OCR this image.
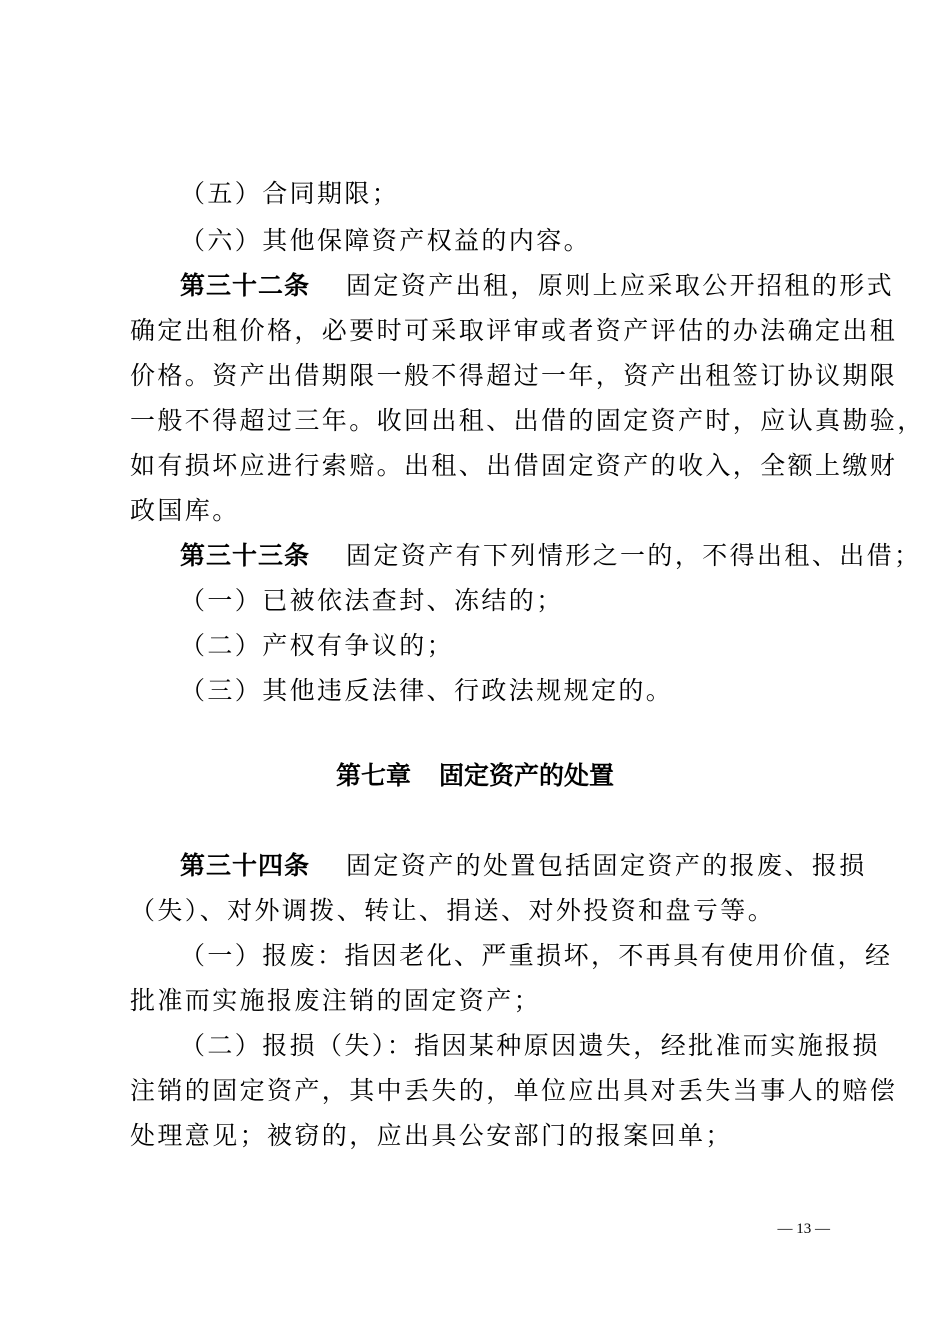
（五）合同期限；
（六）其他保障资产权益的内容。
第三十二条 固定资产出租，原则上应采取公开招租的形式
确定出租价格，必要时可采取评审或者资产评估的办法确定出租
价格。资产出借期限一般不得超过一年，资产出租签订协议期限
一般不得超过三年。收回出租、出借的固定资产时，应认真勘验，
如有损坏应进行索赔。出租、出借固定资产的收入，全额上缴财
政国库。
第三十三条 固定资产有下列情形之一的，不得出租、出借；
（一）已被依法查封、冻结的；
（二）产权有争议的；
（三）其他违反法律、行政法规规定的。
第七章 固定资产的处置
第三十四条 固定资产的处置包括固定资产的报废、报损
（失）、对外调拨、转让、捐送、对外投资和盘亏等。
（一）报废：指因老化、严重损坏，不再具有使用价值，经
批准而实施报废注销的固定资产；
（二）报损（失）：指因某种原因遗失，经批准而实施报损
注销的固定资产，其中丢失的，单位应出具对丢失当事人的赔偿
处理意见；被窃的，应出具公安部门的报案回单；
— 13 —
